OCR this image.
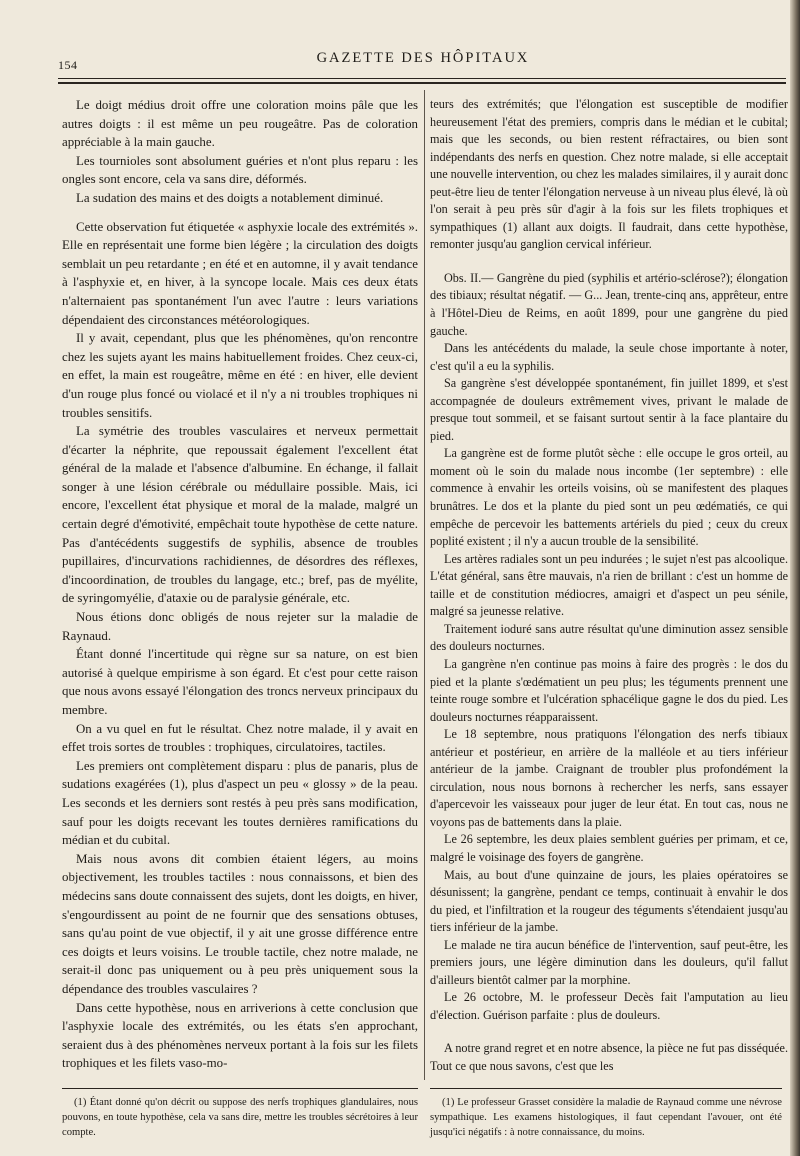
154	GAZETTE DES HÔPITAUX

Le doigt médius droit offre une coloration moins pâle que les autres doigts : il est même un peu rougeâtre. Pas de coloration appréciable à la main gauche.

Les tournioles sont absolument guéries et n'ont plus reparu : les ongles sont encore, cela va sans dire, déformés.

La sudation des mains et des doigts a notablement diminué.

Cette observation fut étiquetée « asphyxie locale des extrémités ». Elle en représentait une forme bien légère ; la circulation des doigts semblait un peu retardante ; en été et en automne, il y avait tendance à l'asphyxie et, en hiver, à la syncope locale. Mais ces deux états n'alternaient pas spontanément l'un avec l'autre : leurs variations dépendaient des circonstances météorologiques.

Il y avait, cependant, plus que les phénomènes, qu'on rencontre chez les sujets ayant les mains habituellement froides. Chez ceux-ci, en effet, la main est rougeâtre, même en été : en hiver, elle devient d'un rouge plus foncé ou violacé et il n'y a ni troubles trophiques ni troubles sensitifs.

La symétrie des troubles vasculaires et nerveux permettait d'écarter la néphrite, que repoussait également l'excellent état général de la malade et l'absence d'albumine. En échange, il fallait songer à une lésion cérébrale ou médullaire possible. Mais, ici encore, l'excellent état physique et moral de la malade, malgré un certain degré d'émotivité, empêchait toute hypothèse de cette nature. Pas d'antécédents suggestifs de syphilis, absence de troubles pupillaires, d'incurvations rachidiennes, de désordres des réflexes, d'incoordination, de troubles du langage, etc.; bref, pas de myélite, de syringomyélie, d'ataxie ou de paralysie générale, etc.

Nous étions donc obligés de nous rejeter sur la maladie de Raynaud.

Étant donné l'incertitude qui règne sur sa nature, on est bien autorisé à quelque empirisme à son égard. Et c'est pour cette raison que nous avons essayé l'élongation des troncs nerveux principaux du membre.

On a vu quel en fut le résultat. Chez notre malade, il y avait en effet trois sortes de troubles : trophiques, circulatoires, tactiles.

Les premiers ont complètement disparu : plus de panaris, plus de sudations exagérées (1), plus d'aspect un peu « glossy » de la peau. Les seconds et les derniers sont restés à peu près sans modification, sauf pour les doigts recevant les toutes dernières ramifications du médian et du cubital.

Mais nous avons dit combien étaient légers, au moins objectivement, les troubles tactiles : nous connaissons, et bien des médecins sans doute connaissent des sujets, dont les doigts, en hiver, s'engourdissent au point de ne fournir que des sensations obtuses, sans qu'au point de vue objectif, il y ait une grosse différence entre ces doigts et leurs voisins. Le trouble tactile, chez notre malade, ne serait-il donc pas uniquement ou à peu près uniquement sous la dépendance des troubles vasculaires ?

Dans cette hypothèse, nous en arriverions à cette conclusion que l'asphyxie locale des extrémités, ou les états s'en approchant, seraient dus à des phénomènes nerveux portant à la fois sur les filets trophiques et les filets vaso-mo-

teurs des extrémités; que l'élongation est susceptible de modifier heureusement l'état des premiers, compris dans le médian et le cubital; mais que les seconds, ou bien restent réfractaires, ou bien sont indépendants des nerfs en question. Chez notre malade, si elle acceptait une nouvelle intervention, ou chez les malades similaires, il y aurait donc peut-être lieu de tenter l'élongation nerveuse à un niveau plus élevé, là où l'on serait à peu près sûr d'agir à la fois sur les filets trophiques et sympathiques (1) allant aux doigts. Il faudrait, dans cette hypothèse, remonter jusqu'au ganglion cervical inférieur.

Obs. II.— Gangrène du pied (syphilis et artério-sclérose?); élongation des tibiaux; résultat négatif. — G... Jean, trente-cinq ans, apprêteur, entre à l'Hôtel-Dieu de Reims, en août 1899, pour une gangrène du pied gauche.

Dans les antécédents du malade, la seule chose importante à noter, c'est qu'il a eu la syphilis.

Sa gangrène s'est développée spontanément, fin juillet 1899, et s'est accompagnée de douleurs extrêmement vives, privant le malade de presque tout sommeil, et se faisant surtout sentir à la face plantaire du pied.

La gangrène est de forme plutôt sèche : elle occupe le gros orteil, au moment où le soin du malade nous incombe (1er septembre) : elle commence à envahir les orteils voisins, où se manifestent des plaques brunâtres. Le dos et la plante du pied sont un peu œdématiés, ce qui empêche de percevoir les battements artériels du pied ; ceux du creux poplité existent ; il n'y a aucun trouble de la sensibilité.

Les artères radiales sont un peu indurées ; le sujet n'est pas alcoolique. L'état général, sans être mauvais, n'a rien de brillant : c'est un homme de taille et de constitution médiocres, amaigri et d'aspect un peu sénile, malgré sa jeunesse relative.

Traitement ioduré sans autre résultat qu'une diminution assez sensible des douleurs nocturnes.

La gangrène n'en continue pas moins à faire des progrès : le dos du pied et la plante s'œdématient un peu plus; les téguments prennent une teinte rouge sombre et l'ulcération sphacélique gagne le dos du pied. Les douleurs nocturnes réapparaissent.

Le 18 septembre, nous pratiquons l'élongation des nerfs tibiaux antérieur et postérieur, en arrière de la malléole et au tiers inférieur antérieur de la jambe. Craignant de troubler plus profondément la circulation, nous nous bornons à rechercher les nerfs, sans essayer d'apercevoir les vaisseaux pour juger de leur état. En tout cas, nous ne voyons pas de battements dans la plaie.

Le 26 septembre, les deux plaies semblent guéries per primam, et ce, malgré le voisinage des foyers de gangrène.

Mais, au bout d'une quinzaine de jours, les plaies opératoires se désunissent; la gangrène, pendant ce temps, continuait à envahir le dos du pied, et l'infiltration et la rougeur des téguments s'étendaient jusqu'au tiers inférieur de la jambe.

Le malade ne tira aucun bénéfice de l'intervention, sauf peut-être, les premiers jours, une légère diminution dans les douleurs, qu'il fallut d'ailleurs bientôt calmer par la morphine.

Le 26 octobre, M. le professeur Decès fait l'amputation au lieu d'élection. Guérison parfaite : plus de douleurs.

A notre grand regret et en notre absence, la pièce ne fut pas disséquée. Tout ce que nous savons, c'est que les

(1) Étant donné qu'on décrit ou suppose des nerfs trophiques glandulaires, nous pouvons, en toute hypothèse, cela va sans dire, mettre les troubles sécrétoires à leur compte.

(1) Le professeur Grasset considère la maladie de Raynaud comme une névrose sympathique. Les examens histologiques, il faut cependant l'avouer, ont été jusqu'ici négatifs : à notre connaissance, du moins.
